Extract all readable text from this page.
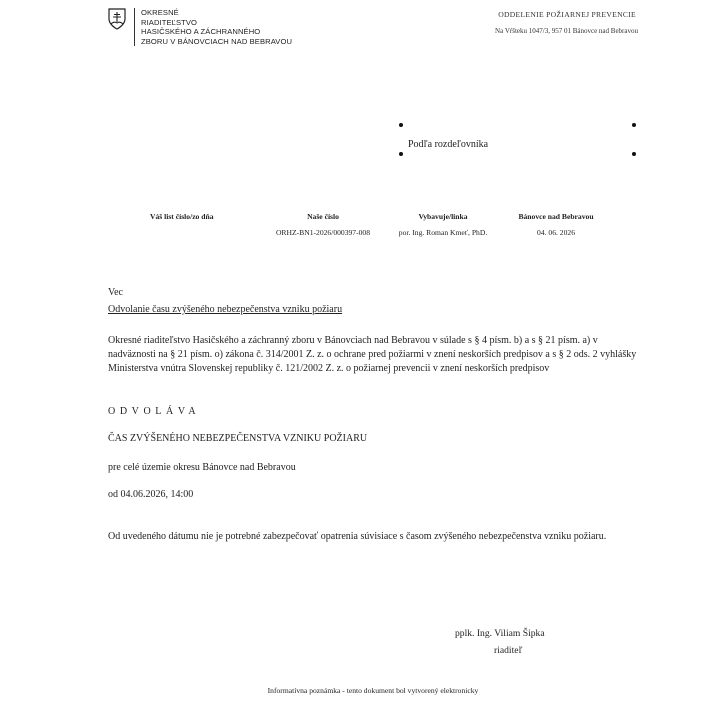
OKRESNÉ
RIADITEĽSTVO
HASIČSKÉHO A ZÁCHRANNÉHO
ZBORU V BÁNOVCIACH NAD BEBRAVOU
ODDELENIE POŽIARNEJ PREVENCIE
Na Vŕšteku 1047/3, 957 01 Bánovce nad Bebravou
Podľa rozdeľovníka
Váš list číslo/zo dňa	Naše číslo
ORHZ-BN1-2026/000397-008
Vybavuje/linka
por. Ing. Roman Kmeť, PhD.
Bánovce nad Bebravou
04. 06. 2026
Vec
Odvolanie času zvýšeného nebezpečenstva vzniku požiaru
Okresné riaditeľstvo Hasičského a záchranný zboru v Bánovciach nad Bebravou v súlade s § 4 písm. b) a s § 21 písm. a) v nadväznosti na § 21 písm. o) zákona č. 314/2001 Z. z. o ochrane pred požiarmi v znení neskorších predpisov a s § 2 ods. 2 vyhlášky Ministerstva vnútra Slovenskej republiky č. 121/2002 Z. z. o požiarnej prevencii v znení neskorších predpisov
ODVOLÁVA
ČAS ZVÝŠENÉHO NEBEZPEČENSTVA VZNIKU POŽIARU
pre celé územie okresu Bánovce nad Bebravou
od 04.06.2026, 14:00
Od uvedeného dátumu nie je potrebné zabezpečovať opatrenia súvisiace s časom zvýšeného nebezpečenstva vzniku požiaru.
pplk. Ing. Viliam Šipka
riaditeľ
Informatívna poznámka - tento dokument bol vytvorený elektronicky
